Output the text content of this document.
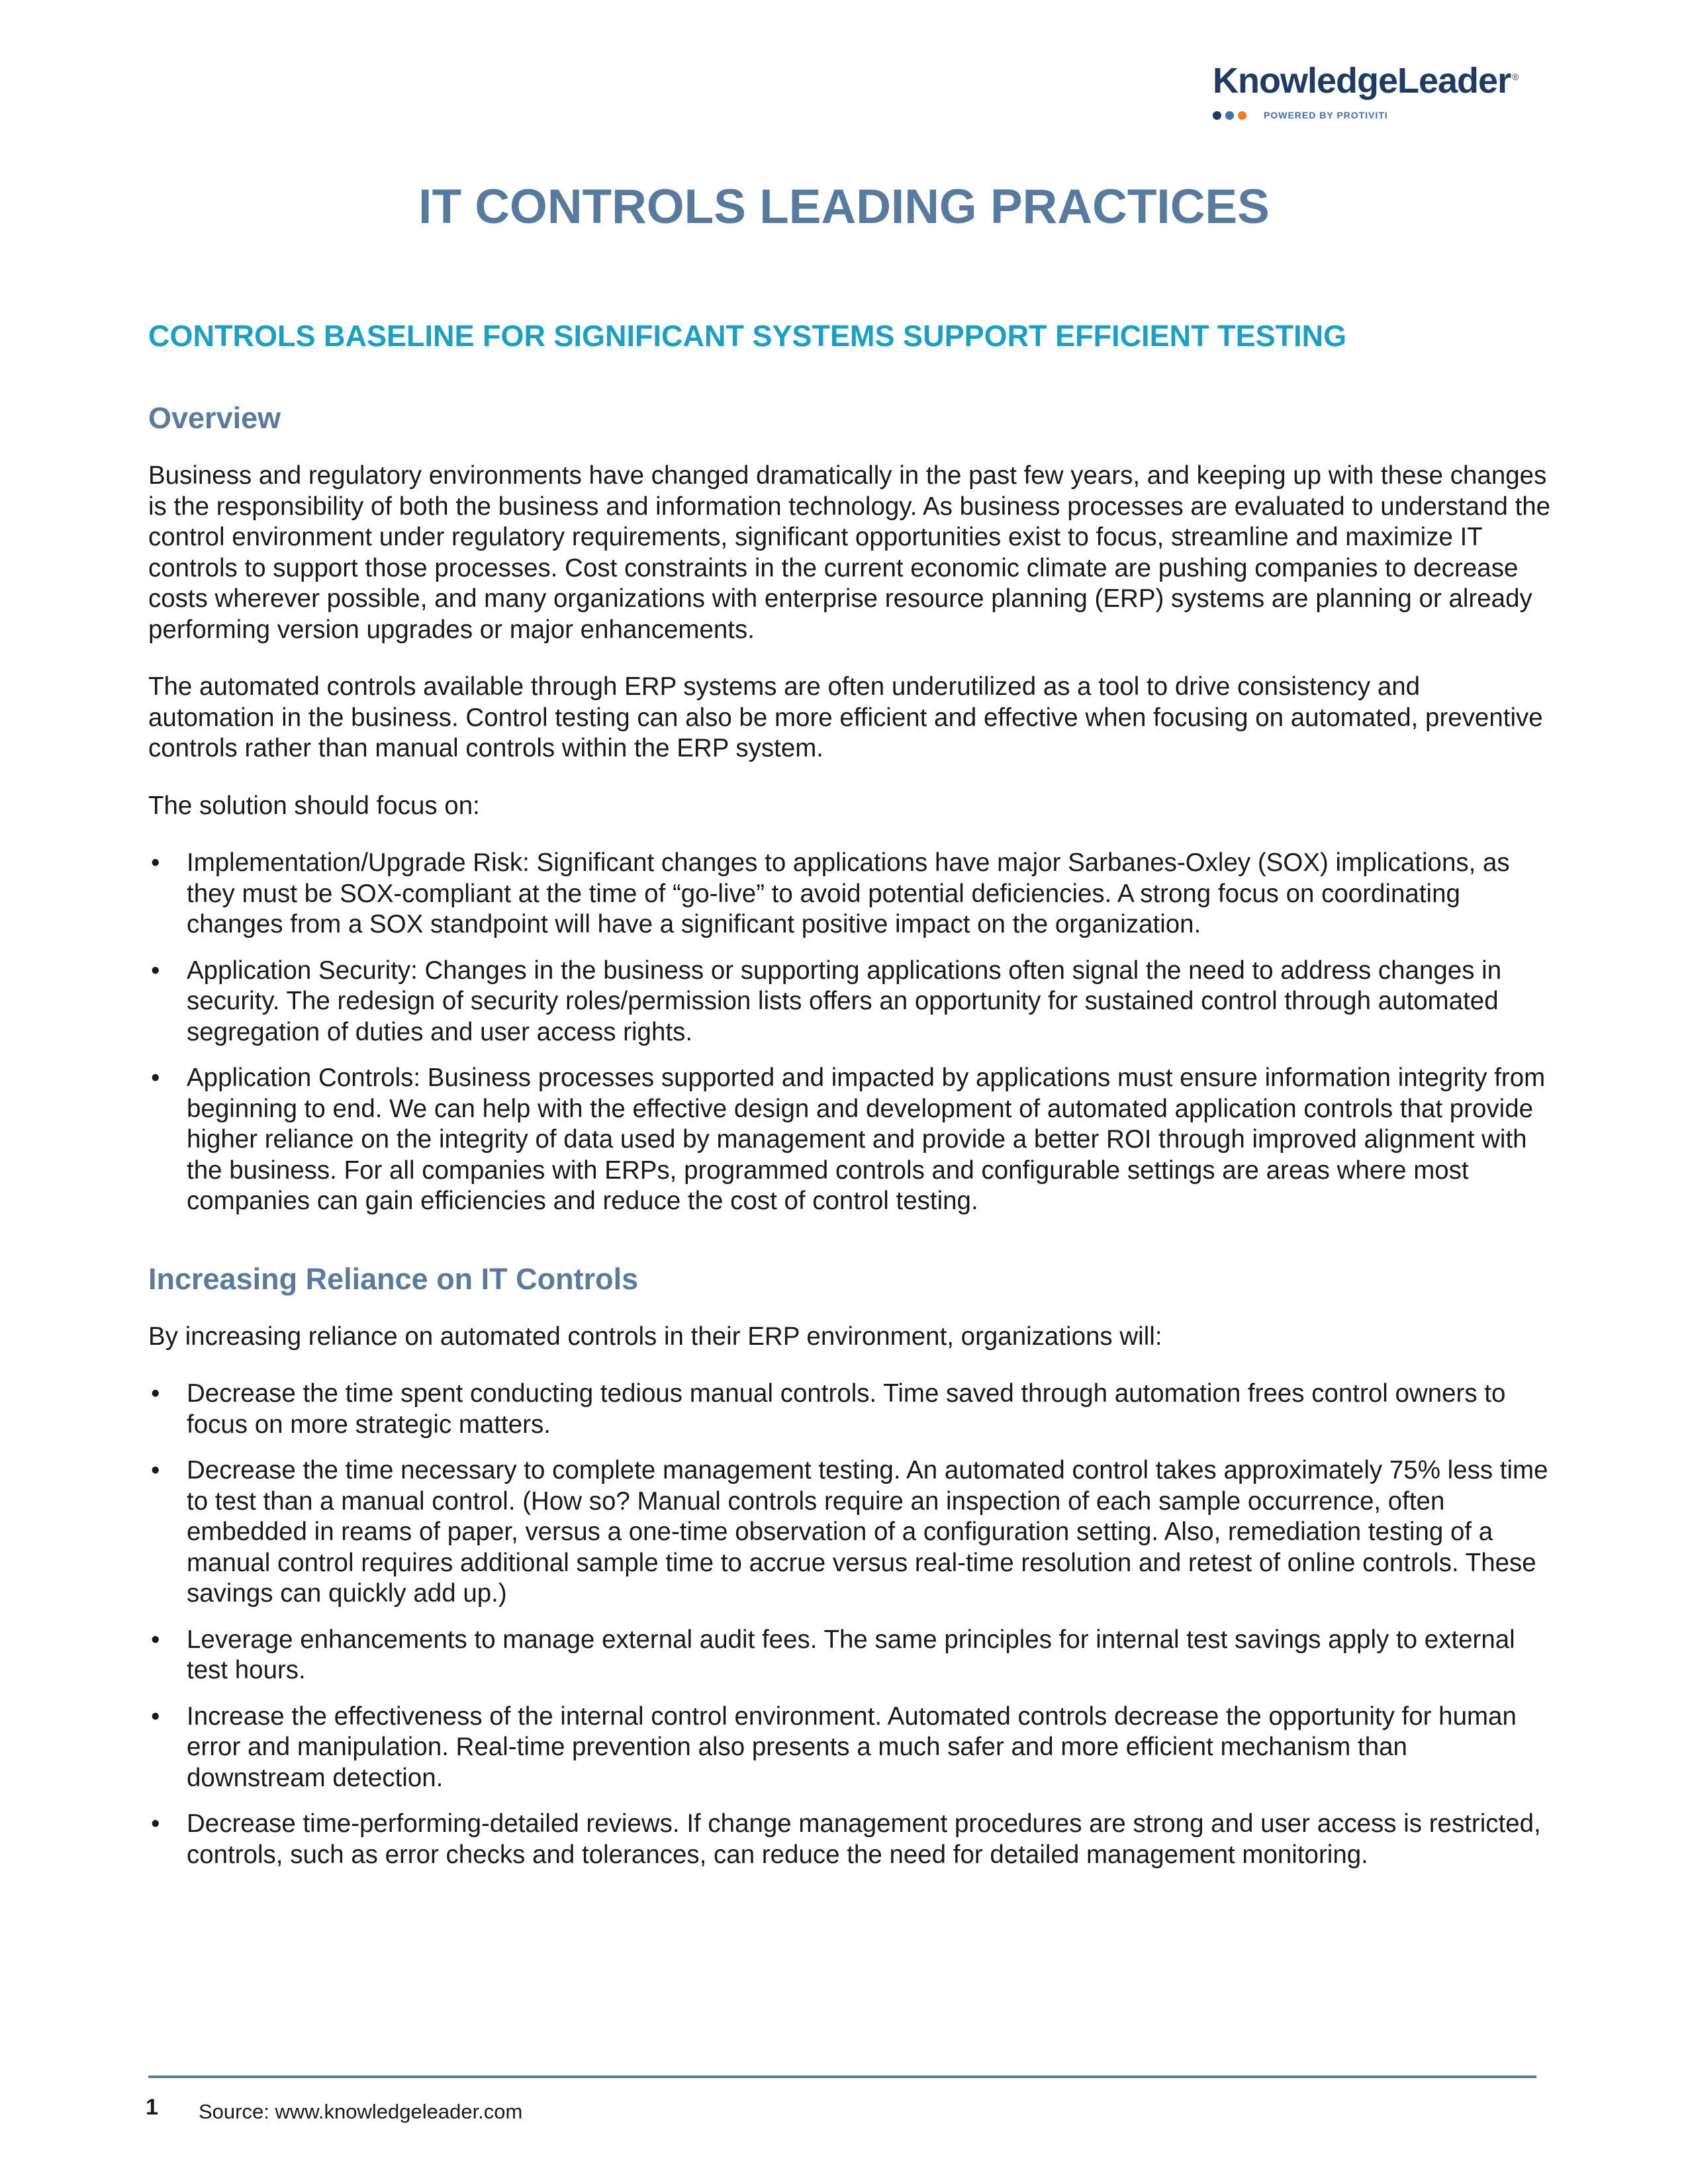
KnowledgeLeader ®
POWERED BY PROTIVITI
IT CONTROLS LEADING PRACTICES
CONTROLS BASELINE FOR SIGNIFICANT SYSTEMS SUPPORT EFFICIENT TESTING
Overview

Business and regulatory environments have changed dramatically in the past few years, and keeping up with these changes is the responsibility of both the business and information technology. As business processes are evaluated to understand the control environment under regulatory requirements, significant opportunities exist to focus, streamline and maximize IT controls to support those processes. Cost constraints in the current economic climate are pushing companies to decrease costs wherever possible, and many organizations with enterprise resource planning (ERP) systems are planning or already performing version upgrades or major enhancements.

The automated controls available through ERP systems are often underutilized as a tool to drive consistency and automation in the business. Control testing can also be more efficient and effective when focusing on automated, preventive controls rather than manual controls within the ERP system.

The solution should focus on:

• Implementation/Upgrade Risk: Significant changes to applications have major Sarbanes-Oxley (SOX) implications, as they must be SOX-compliant at the time of “go-live” to avoid potential deficiencies. A strong focus on coordinating changes from a SOX standpoint will have a significant positive impact on the organization.
• Application Security: Changes in the business or supporting applications often signal the need to address changes in security. The redesign of security roles/permission lists offers an opportunity for sustained control through automated segregation of duties and user access rights.
• Application Controls: Business processes supported and impacted by applications must ensure information integrity from beginning to end. We can help with the effective design and development of automated application controls that provide higher reliance on the integrity of data used by management and provide a better ROI through improved alignment with the business. For all companies with ERPs, programmed controls and configurable settings are areas where most companies can gain efficiencies and reduce the cost of control testing.
Increasing Reliance on IT Controls

By increasing reliance on automated controls in their ERP environment, organizations will:

• Decrease the time spent conducting tedious manual controls. Time saved through automation frees control owners to focus on more strategic matters.
• Decrease the time necessary to complete management testing. An automated control takes approximately 75% less time to test than a manual control. (How so? Manual controls require an inspection of each sample occurrence, often embedded in reams of paper, versus a one-time observation of a configuration setting. Also, remediation testing of a manual control requires additional sample time to accrue versus real-time resolution and retest of online controls. These savings can quickly add up.)
• Leverage enhancements to manage external audit fees. The same principles for internal test savings apply to external test hours.
• Increase the effectiveness of the internal control environment. Automated controls decrease the opportunity for human error and manipulation. Real-time prevention also presents a much safer and more efficient mechanism than downstream detection.
• Decrease time-performing-detailed reviews. If change management procedures are strong and user access is restricted, controls, such as error checks and tolerances, can reduce the need for detailed management monitoring.
1 Source: www.knowledgeleader.com
